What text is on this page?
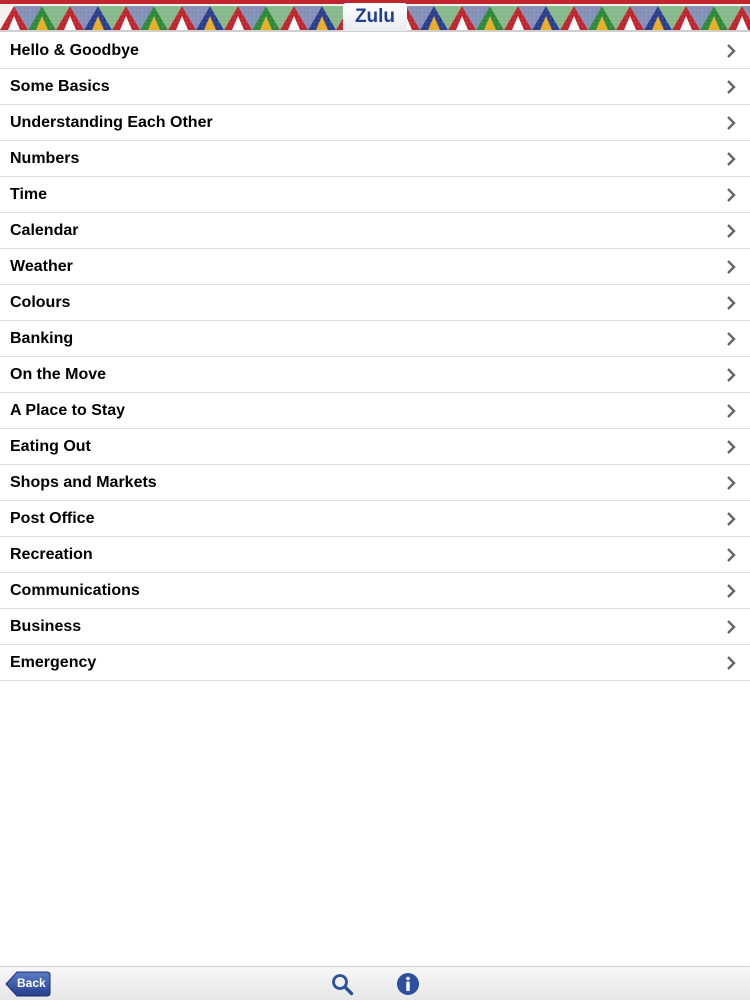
Zulu
Hello & Goodbye
Some Basics
Understanding Each Other
Numbers
Time
Calendar
Weather
Colours
Banking
On the Move
A Place to Stay
Eating Out
Shops and Markets
Post Office
Recreation
Communications
Business
Emergency
Back
